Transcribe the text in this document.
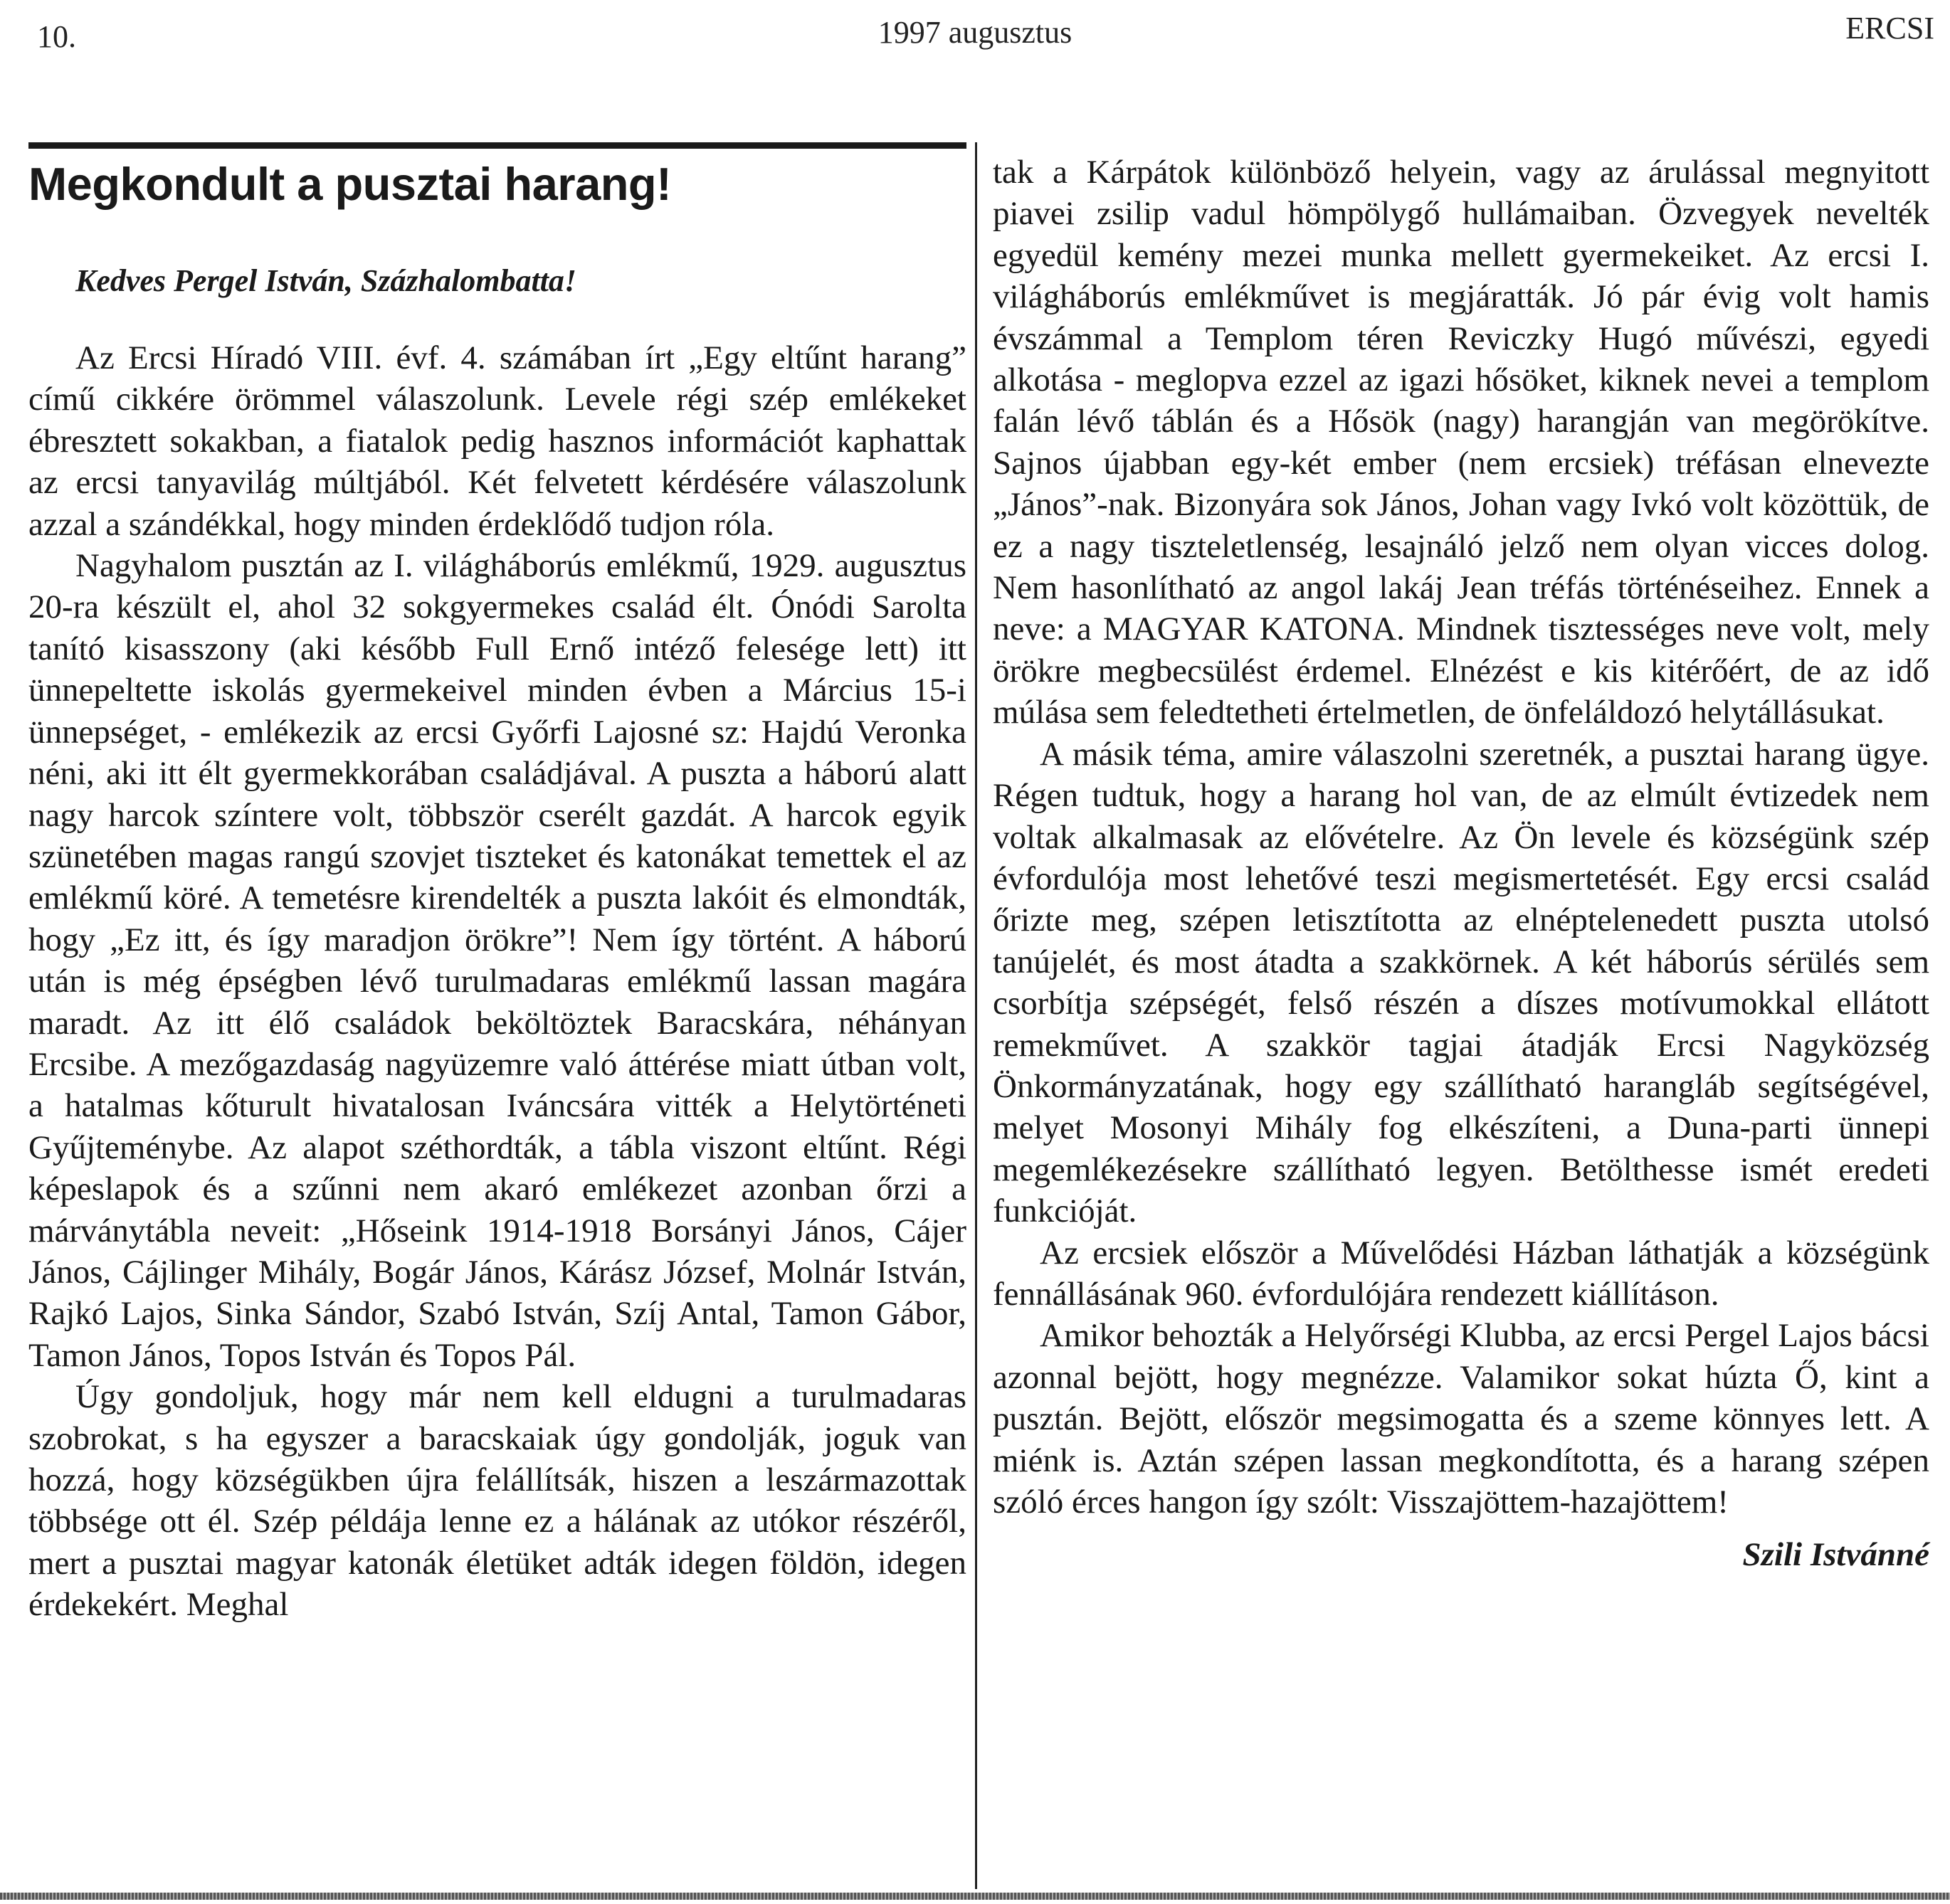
10.	1997 augusztus	ERCSI
Megkondult a pusztai harang!
Kedves Pergel István, Százhalombatta!

Az Ercsi Híradó VIII. évf. 4. számában írt „Egy eltűnt harang” című cikkére örömmel válaszolunk. Levele régi szép emlékeket ébresztett sokakban, a fiatalok pedig hasznos információt kaphattak az ercsi tanyavilág múltjából. Két felvetett kérdésére válaszolunk azzal a szándékkal, hogy minden érdeklődő tudjon róla.

Nagyhalom pusztán az I. világháborús emlékmű, 1929. augusztus 20-ra készült el, ahol 32 sokgyermekes család élt. Ónódi Sarolta tanító kisasszony (aki később Full Ernő intéző felesége lett) itt ünnepeltette iskolás gyermekeivel minden évben a Március 15-i ünnepséget, - emlékezik az ercsi Győrfi Lajosné sz: Hajdú Veronka néni, aki itt élt gyermekkorában családjával. A puszta a háború alatt nagy harcok színtere volt, többször cserélt gazdát. A harcok egyik szünetében magas rangú szovjet tiszteket és katonákat temettek el az emlékmű köré. A temetésre kirendelték a puszta lakóit és elmondták, hogy „Ez itt, és így maradjon örökre”! Nem így történt. A háború után is még épségben lévő turulmadaras emlékmű lassan magára maradt. Az itt élő családok beköltöztek Baracskára, néhányan Ercsibe. A mezőgazdaság nagyüzemre való áttérése miatt útban volt, a hatalmas kőturult hivatalosan Iváncsára vitték a Helytörténeti Gyűjteménybe. Az alapot széthordták, a tábla viszont eltűnt. Régi képeslapok és a szűnni nem akaró emlékezet azonban őrzi a márványtábla neveit: „Hőseink 1914-1918 Borsányi János, Cájer János, Cájlinger Mihály, Bogár János, Kárász József, Molnár István, Rajkó Lajos, Sinka Sándor, Szabó István, Szíj Antal, Tamon Gábor, Tamon János, Topos István és Topos Pál.

Úgy gondoljuk, hogy már nem kell eldugni a turulmadaras szobrokat, s ha egyszer a baracskaiak úgy gondolják, joguk van hozzá, hogy községükben újra felállítsák, hiszen a leszármazottak többsége ott él. Szép példája lenne ez a hálának az utókor részéről, mert a pusztai magyar katonák életüket adták idegen földön, idegen érdekekért. Meghal

tak a Kárpátok különböző helyein, vagy az árulással megnyitott piavei zsilip vadul hömpölygő hullámaiban. Özvegyek nevelték egyedül kemény mezei munka mellett gyermekeiket. Az ercsi I. világháborús emlékművet is megjáratták. Jó pár évig volt hamis évszámmal a Templom téren Reviczky Hugó művészi, egyedi alkotása - meglopva ezzel az igazi hősöket, kiknek nevei a templom falán lévő táblán és a Hősök (nagy) harangján van megörökítve. Sajnos újabban egy-két ember (nem ercsiek) tréfásan elnevezte „János”-nak. Bizonyára sok János, Johan vagy Ivkó volt közöttük, de ez a nagy tiszteletlenség, lesajnáló jelző nem olyan vicces dolog. Nem hasonlítható az angol lakáj Jean tréfás történéseihez. Ennek a neve: a MAGYAR KATONA. Mindnek tisztességes neve volt, mely örökre megbecsülést érdemel. Elnézést e kis kitérőért, de az idő múlása sem feledtetheti értelmetlen, de önfeláldozó helytállásukat.

A másik téma, amire válaszolni szeretnék, a pusztai harang ügye. Régen tudtuk, hogy a harang hol van, de az elmúlt évtizedek nem voltak alkalmasak az elővételre. Az Ön levele és községünk szép évfordulója most lehetővé teszi megismertetését. Egy ercsi család őrizte meg, szépen letisztította az elnéptelenedett puszta utolsó tanújelét, és most átadta a szakkörnek. A két háborús sérülés sem csorbítja szépségét, felső részén a díszes motívumokkal ellátott remekművet. A szakkör tagjai átadják Ercsi Nagyközség Önkormányzatának, hogy egy szállítható harangláb segítségével, melyet Mosonyi Mihály fog elkészíteni, a Duna-parti ünnepi megemlékezésekre szállítható legyen. Betölthesse ismét eredeti funkcióját.

Az ercsiek először a Művelődési Házban láthatják a községünk fennállásának 960. évfordulójára rendezett kiállításon.

Amikor behozták a Helyőrségi Klubba, az ercsi Pergel Lajos bácsi azonnal bejött, hogy megnézze. Valamikor sokat húzta Ő, kint a pusztán. Bejött, először megsimogatta és a szeme könnyes lett. A miénk is. Aztán szépen lassan megkondította, és a harang szépen szóló érces hangon így szólt: Visszajöttem-hazajöttem!

Szili Istvánné
